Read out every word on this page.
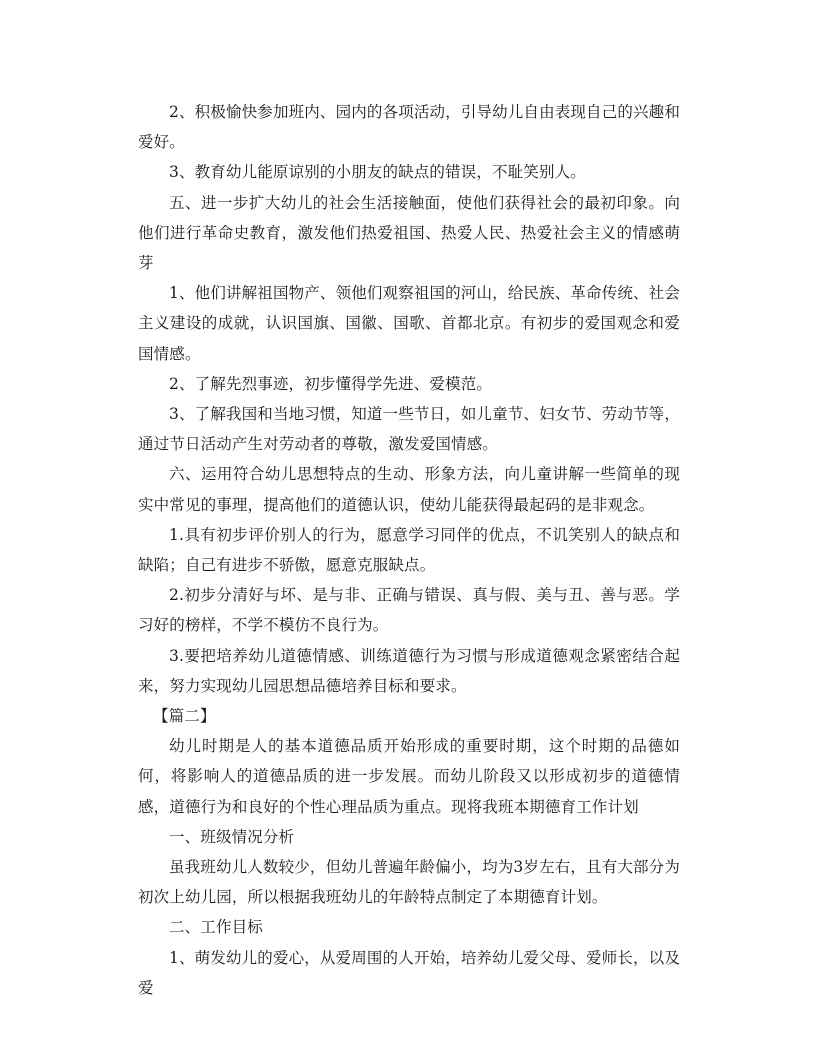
2、积极愉快参加班内、园内的各项活动，引导幼儿自由表现自己的兴趣和爱好。

3、教育幼儿能原谅别的小朋友的缺点的错误，不耻笑别人。

五、进一步扩大幼儿的社会生活接触面，使他们获得社会的最初印象。向他们进行革命史教育，激发他们热爱祖国、热爱人民、热爱社会主义的情感萌芽

1、他们讲解祖国物产、领他们观察祖国的河山，给民族、革命传统、社会主义建设的成就，认识国旗、国徽、国歌、首都北京。有初步的爱国观念和爱国情感。

2、了解先烈事迹，初步懂得学先进、爱模范。

3、了解我国和当地习惯，知道一些节日，如儿童节、妇女节、劳动节等，通过节日活动产生对劳动者的尊敬，激发爱国情感。

六、运用符合幼儿思想特点的生动、形象方法，向儿童讲解一些简单的现实中常见的事理，提高他们的道德认识，使幼儿能获得最起码的是非观念。

1.具有初步评价别人的行为，愿意学习同伴的优点，不讥笑别人的缺点和缺陷；自己有进步不骄傲，愿意克服缺点。

2.初步分清好与坏、是与非、正确与错误、真与假、美与丑、善与恶。学习好的榜样，不学不模仿不良行为。

3.要把培养幼儿道德情感、训练道德行为习惯与形成道德观念紧密结合起来，努力实现幼儿园思想品德培养目标和要求。

【篇二】

幼儿时期是人的基本道德品质开始形成的重要时期，这个时期的品德如何，将影响人的道德品质的进一步发展。而幼儿阶段又以形成初步的道德情感，道德行为和良好的个性心理品质为重点。现将我班本期德育工作计划

一、班级情况分析

虽我班幼儿人数较少，但幼儿普遍年龄偏小，均为3岁左右，且有大部分为初次上幼儿园，所以根据我班幼儿的年龄特点制定了本期德育计划。

二、工作目标

1、萌发幼儿的爱心，从爱周围的人开始，培养幼儿爱父母、爱师长，以及爱
